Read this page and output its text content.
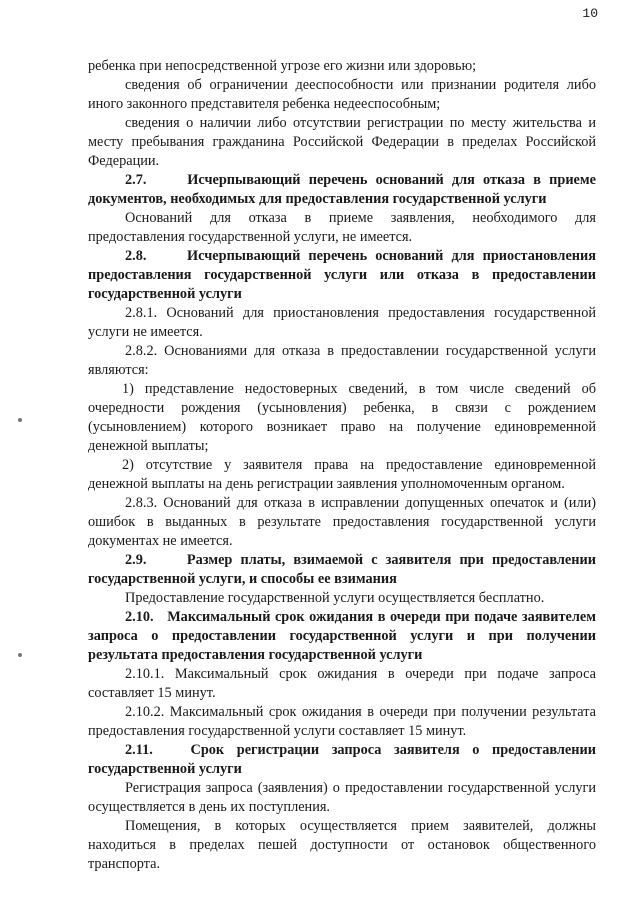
10

ребенка при непосредственной угрозе его жизни или здоровью;

сведения об ограничении дееспособности или признании родителя либо иного законного представителя ребенка недееспособным;

сведения о наличии либо отсутствии регистрации по месту жительства и месту пребывания гражданина Российской Федерации в пределах Российской Федерации.

2.7.     Исчерпывающий перечень оснований для отказа в приеме документов, необходимых для предоставления государственной услуги

Оснований для отказа в приеме заявления, необходимого для предоставления государственной услуги, не имеется.

2.8.     Исчерпывающий перечень оснований для приостановления предоставления государственной услуги или отказа в предоставлении государственной услуги

2.8.1. Оснований для приостановления предоставления государственной услуги не имеется.

2.8.2. Основаниями для отказа в предоставлении государственной услуги являются:

1) представление недостоверных сведений, в том числе сведений об очередности рождения (усыновления) ребенка, в связи с рождением (усыновлением) которого возникает право на получение единовременной денежной выплаты;

2) отсутствие у заявителя права на предоставление единовременной денежной выплаты на день регистрации заявления уполномоченным органом.

2.8.3. Оснований для отказа в исправлении допущенных опечаток и (или) ошибок в выданных в результате предоставления государственной услуги документах не имеется.

2.9.     Размер платы, взимаемой с заявителя при предоставлении государственной услуги, и способы ее взимания

Предоставление государственной услуги осуществляется бесплатно.

2.10.   Максимальный срок ожидания в очереди при подаче заявителем запроса о предоставлении государственной услуги и при получении результата предоставления государственной услуги

2.10.1. Максимальный срок ожидания в очереди при подаче запроса составляет 15 минут.

2.10.2. Максимальный срок ожидания в очереди при получении результата предоставления государственной услуги составляет 15 минут.

2.11.   Срок регистрации запроса заявителя о предоставлении государственной услуги

Регистрация запроса (заявления) о предоставлении государственной услуги осуществляется в день их поступления.

Помещения, в которых осуществляется прием заявителей, должны находиться в пределах пешей доступности от остановок общественного транспорта.
